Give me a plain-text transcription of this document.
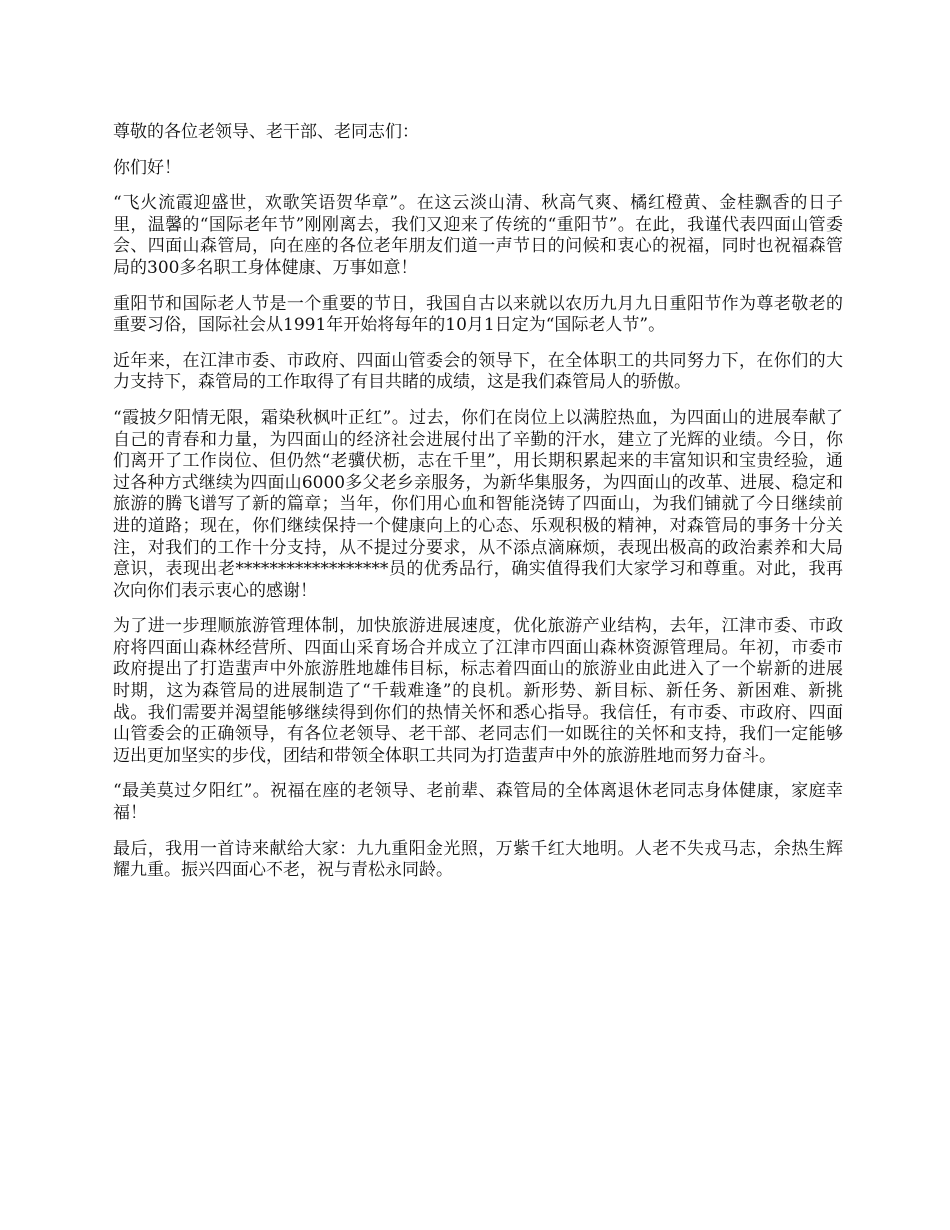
尊敬的各位老领导、老干部、老同志们：

你们好！

“飞火流霞迎盛世，欢歌笑语贺华章”。在这云淡山清、秋高气爽、橘红橙黄、金桂飘香的日子里，温馨的“国际老年节”刚刚离去，我们又迎来了传统的“重阳节”。在此，我谨代表四面山管委会、四面山森管局，向在座的各位老年朋友们道一声节日的问候和衷心的祝福，同时也祝福森管局的300多名职工身体健康、万事如意！

重阳节和国际老人节是一个重要的节日，我国自古以来就以农历九月九日重阳节作为尊老敬老的重要习俗，国际社会从1991年开始将每年的10月1日定为“国际老人节”。

近年来，在江津市委、市政府、四面山管委会的领导下，在全体职工的共同努力下，在你们的大力支持下，森管局的工作取得了有目共睹的成绩，这是我们森管局人的骄傲。

“霞披夕阳情无限，霜染秋枫叶正红”。过去，你们在岗位上以满腔热血，为四面山的进展奉献了自己的青春和力量，为四面山的经济社会进展付出了辛勤的汗水，建立了光辉的业绩。今日，你们离开了工作岗位、但仍然“老骥伏枥，志在千里”，用长期积累起来的丰富知识和宝贵经验，通过各种方式继续为四面山6000多父老乡亲服务，为新华集服务，为四面山的改革、进展、稳定和旅游的腾飞谱写了新的篇章；当年，你们用心血和智能浇铸了四面山，为我们铺就了今日继续前进的道路；现在，你们继续保持一个健康向上的心态、乐观积极的精神，对森管局的事务十分关注，对我们的工作十分支持，从不提过分要求，从不添点滴麻烦，表现出极高的政治素养和大局意识，表现出老******************员的优秀品行，确实值得我们大家学习和尊重。对此，我再次向你们表示衷心的感谢！

为了进一步理顺旅游管理体制，加快旅游进展速度，优化旅游产业结构，去年，江津市委、市政府将四面山森林经营所、四面山采育场合并成立了江津市四面山森林资源管理局。年初，市委市政府提出了打造蜚声中外旅游胜地雄伟目标，标志着四面山的旅游业由此进入了一个崭新的进展时期，这为森管局的进展制造了“千载难逢”的良机。新形势、新目标、新任务、新困难、新挑战。我们需要并渴望能够继续得到你们的热情关怀和悉心指导。我信任，有市委、市政府、四面山管委会的正确领导，有各位老领导、老干部、老同志们一如既往的关怀和支持，我们一定能够迈出更加坚实的步伐，团结和带领全体职工共同为打造蜚声中外的旅游胜地而努力奋斗。

“最美莫过夕阳红”。祝福在座的老领导、老前辈、森管局的全体离退休老同志身体健康，家庭幸福！

最后，我用一首诗来献给大家：九九重阳金光照，万紫千红大地明。人老不失戎马志，余热生辉耀九重。振兴四面心不老，祝与青松永同龄。
